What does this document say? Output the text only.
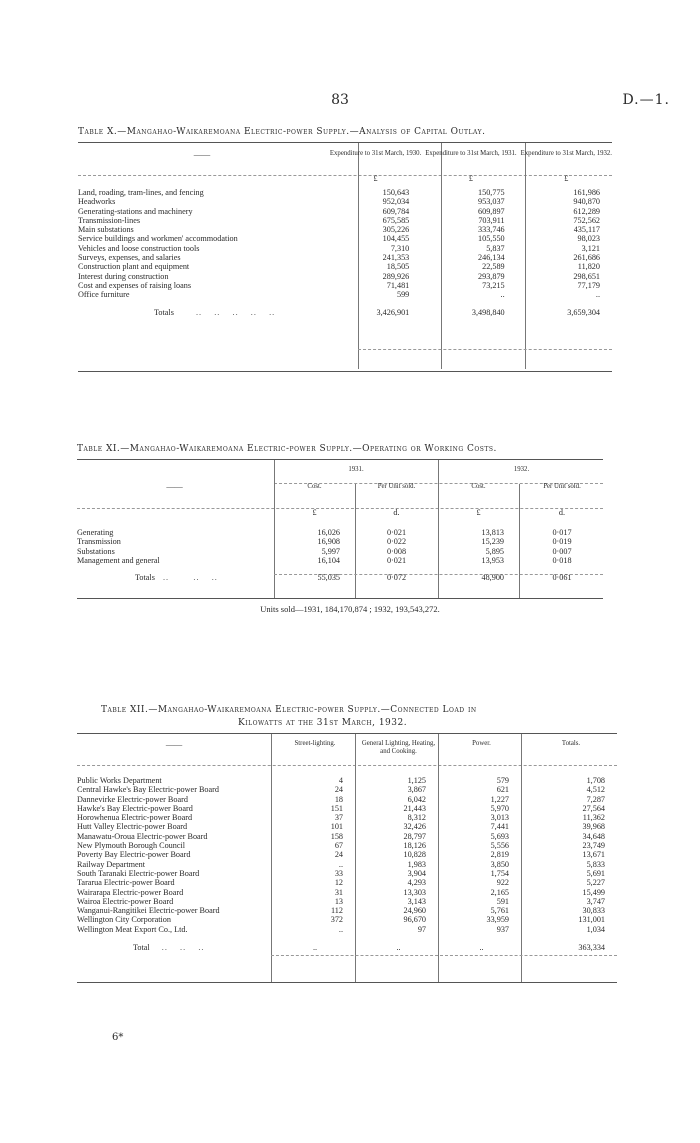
83	D.—1.
Table X.—Mangahao-Waikaremoana Electric-power Supply.—Analysis of Capital Outlay.
——	Expenditure to 31st March, 1930.	Expenditure to 31st March, 1931.	Expenditure to 31st March, 1932.
	£	£	£
Land, roading, tram-lines, and fencing	150,643	150,775	161,986
Headworks	952,034	953,037	940,870
Generating-stations and machinery	609,784	609,897	612,289
Transmission-lines	675,585	703,911	752,562
Main substations	305,226	333,746	435,117
Service buildings and workmen' accommodation	104,455	105,550	98,023
Vehicles and loose construction tools	7,310	5,837	3,121
Surveys, expenses, and salaries	241,353	246,134	261,686
Construction plant and equipment	18,505	22,589	11,820
Interest during construction	289,926	293,879	298,651
Cost and expenses of raising loans	71,481	73,215	77,179
Office furniture	599	..	..

Totals ..    ..    ..    ..    ..	3,426,901	3,498,840	3,659,304
Table XI.—Mangahao-Waikaremoana Electric-power Supply.—Operating or Working Costs.
——	1931.		1932.	
	Cost.	Per Unit sold.	Cost.	Per Unit sold.
	£	d.	£	d.
Generating	16,026	0·021	13,813	0·017
Transmission	16,908	0·022	15,239	0·019
Substations	5,997	0·008	5,895	0·007
Management and general	16,104	0·021	13,953	0·018

Totals ..        ..    ..	55,035	0·072	48,900	0·061
Units sold—1931, 184,170,874 ; 1932, 193,543,272.
Table XII.—Mangahao-Waikaremoana Electric-power Supply.—Connected Load in
Kilowatts at the 31st March, 1932.
——	Street-lighting.	General Lighting, Heating, and Cooking.	Power.	Totals.

Public Works Department	4	1,125	579	1,708
Central Hawke's Bay Electric-power Board	24	3,867	621	4,512
Dannevirke Electric-power Board	18	6,042	1,227	7,287
Hawke's Bay Electric-power Board	151	21,443	5,970	27,564
Horowhenua Electric-power Board	37	8,312	3,013	11,362
Hutt Valley Electric-power Board	101	32,426	7,441	39,968
Manawatu-Oroua Electric-power Board	158	28,797	5,693	34,648
New Plymouth Borough Council	67	18,126	5,556	23,749
Poverty Bay Electric-power Board	24	10,828	2,819	13,671
Railway Department	..	1,983	3,850	5,833
South Taranaki Electric-power Board	33	3,904	1,754	5,691
Tararua Electric-power Board	12	4,293	922	5,227
Wairarapa Electric-power Board	31	13,303	2,165	15,499
Wairoa Electric-power Board	13	3,143	591	3,747
Wanganui-Rangitikei Electric-power Board	112	24,960	5,761	30,833
Wellington City Corporation	372	96,670	33,959	131,001
Wellington Meat Export Co., Ltd.	..	97	937	1,034

Total ..    ..    ..	..	..	..	363,334
6*
